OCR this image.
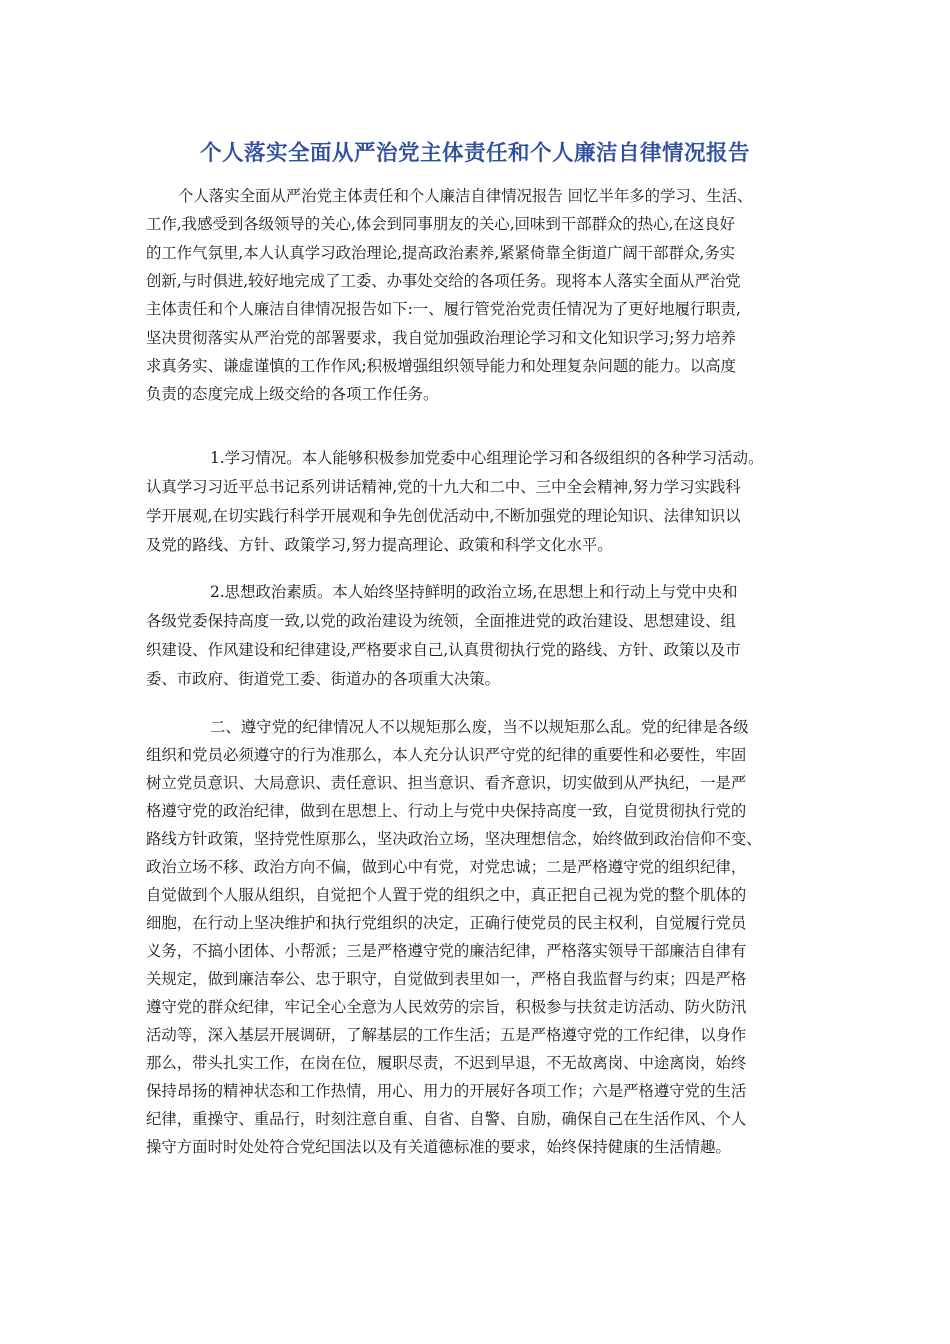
个人落实全面从严治党主体责任和个人廉洁自律情况报告
个人落实全面从严治党主体责任和个人廉洁自律情况报告 回忆半年多的学习、生活、
工作,我感受到各级领导的关心,体会到同事朋友的关心,回味到干部群众的热心,在这良好
的工作气氛里,本人认真学习政治理论,提高政治素养,紧紧倚靠全街道广阔干部群众,务实
创新,与时俱进,较好地完成了工委、办事处交给的各项任务。现将本人落实全面从严治党
主体责任和个人廉洁自律情况报告如下:一、履行管党治党责任情况为了更好地履行职责,
坚决贯彻落实从严治党的部署要求，我自觉加强政治理论学习和文化知识学习;努力培养
求真务实、谦虚谨慎的工作作风;积极增强组织领导能力和处理复杂问题的能力。以高度
负责的态度完成上级交给的各项工作任务。
1.学习情况。本人能够积极参加党委中心组理论学习和各级组织的各种学习活动。
认真学习习近平总书记系列讲话精神,党的十九大和二中、三中全会精神,努力学习实践科
学开展观,在切实践行科学开展观和争先创优活动中,不断加强党的理论知识、法律知识以
及党的路线、方针、政策学习,努力提高理论、政策和科学文化水平。
2.思想政治素质。本人始终坚持鲜明的政治立场,在思想上和行动上与党中央和
各级党委保持高度一致,以党的政治建设为统领，全面推进党的政治建设、思想建设、组
织建设、作风建设和纪律建设,严格要求自己,认真贯彻执行党的路线、方针、政策以及市
委、市政府、街道党工委、街道办的各项重大决策。
二、遵守党的纪律情况人不以规矩那么废，当不以规矩那么乱。党的纪律是各级
组织和党员必须遵守的行为准那么，本人充分认识严守党的纪律的重要性和必要性，牢固
树立党员意识、大局意识、责任意识、担当意识、看齐意识，切实做到从严执纪，一是严
格遵守党的政治纪律，做到在思想上、行动上与党中央保持高度一致，自觉贯彻执行党的
路线方针政策，坚持党性原那么，坚决政治立场，坚决理想信念，始终做到政治信仰不变、
政治立场不移、政治方向不偏，做到心中有党，对党忠诚；二是严格遵守党的组织纪律，
自觉做到个人服从组织，自觉把个人置于党的组织之中，真正把自己视为党的整个肌体的
细胞，在行动上坚决维护和执行党组织的决定，正确行使党员的民主权利，自觉履行党员
义务，不搞小团体、小帮派；三是严格遵守党的廉洁纪律，严格落实领导干部廉洁自律有
关规定，做到廉洁奉公、忠于职守，自觉做到表里如一，严格自我监督与约束；四是严格
遵守党的群众纪律，牢记全心全意为人民效劳的宗旨，积极参与扶贫走访活动、防火防汛
活动等，深入基层开展调研，了解基层的工作生活；五是严格遵守党的工作纪律，以身作
那么，带头扎实工作，在岗在位，履职尽责，不迟到早退，不无故离岗、中途离岗，始终
保持昂扬的精神状态和工作热情，用心、用力的开展好各项工作；六是严格遵守党的生活
纪律，重操守、重品行，时刻注意自重、自省、自警、自励，确保自己在生活作风、个人
操守方面时时处处符合党纪国法以及有关道德标准的要求，始终保持健康的生活情趣。
